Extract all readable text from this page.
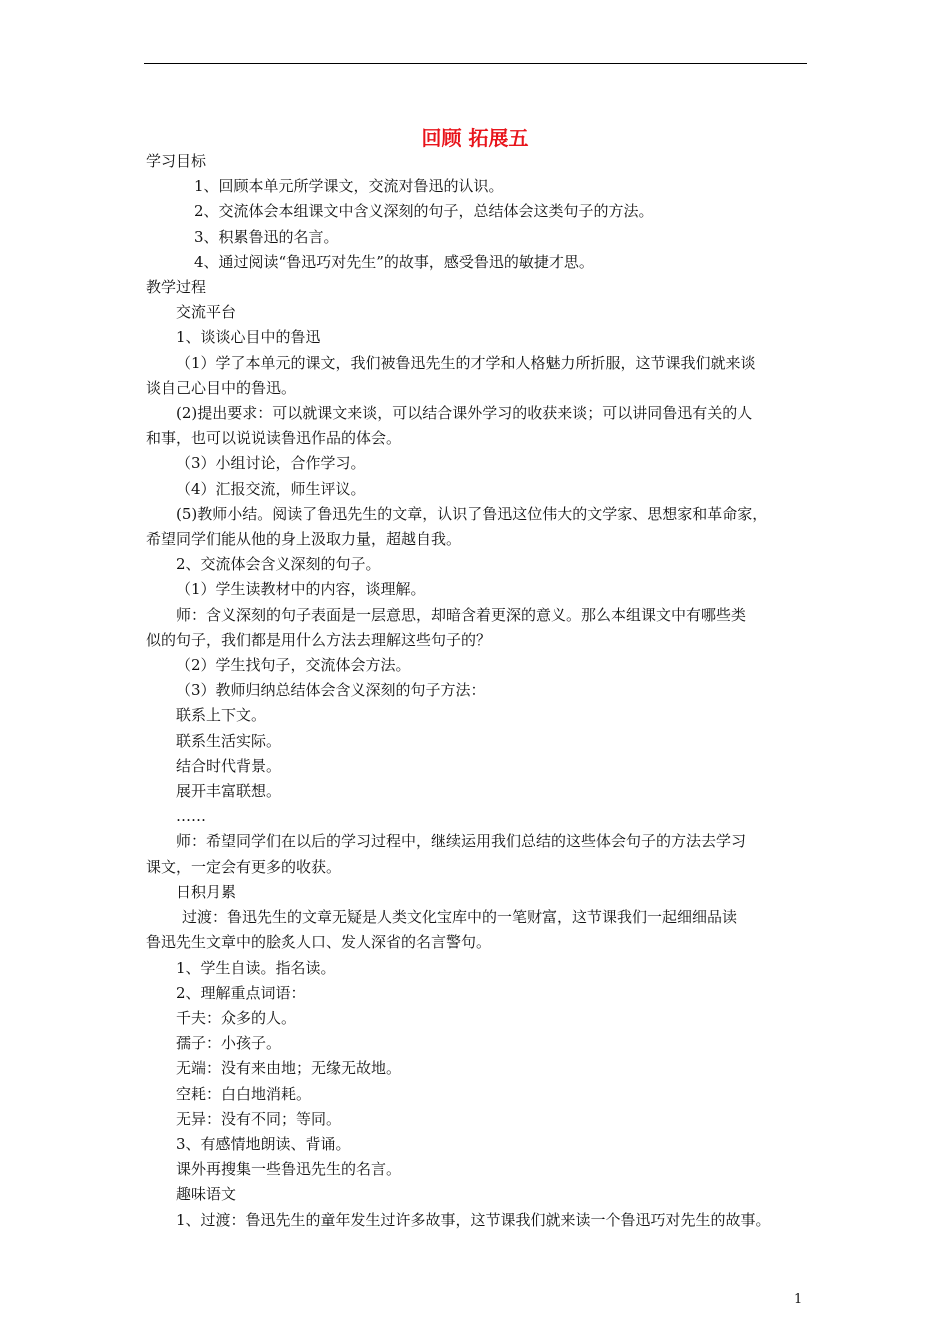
回顾 拓展五
学习目标
1、回顾本单元所学课文，交流对鲁迅的认识。
2、交流体会本组课文中含义深刻的句子，总结体会这类句子的方法。
3、积累鲁迅的名言。
4、通过阅读“鲁迅巧对先生”的故事，感受鲁迅的敏捷才思。
教学过程
交流平台
1、谈谈心目中的鲁迅
（1）学了本单元的课文，我们被鲁迅先生的才学和人格魅力所折服，这节课我们就来谈
谈自己心目中的鲁迅。
(2)提出要求：可以就课文来谈，可以结合课外学习的收获来谈；可以讲同鲁迅有关的人
和事，也可以说说读鲁迅作品的体会。
（3）小组讨论，合作学习。
（4）汇报交流，师生评议。
(5)教师小结。阅读了鲁迅先生的文章，认识了鲁迅这位伟大的文学家、思想家和革命家，
希望同学们能从他的身上汲取力量，超越自我。
2、交流体会含义深刻的句子。
（1）学生读教材中的内容，谈理解。
师：含义深刻的句子表面是一层意思，却暗含着更深的意义。那么本组课文中有哪些类
似的句子，我们都是用什么方法去理解这些句子的？
（2）学生找句子，交流体会方法。
（3）教师归纳总结体会含义深刻的句子方法：
联系上下文。
联系生活实际。
结合时代背景。
展开丰富联想。
……
师：希望同学们在以后的学习过程中，继续运用我们总结的这些体会句子的方法去学习
课文，一定会有更多的收获。
日积月累
过渡：鲁迅先生的文章无疑是人类文化宝库中的一笔财富，这节课我们一起细细品读
鲁迅先生文章中的脍炙人口、发人深省的名言警句。
1、学生自读。指名读。
2、理解重点词语：
千夫：众多的人。
孺子：小孩子。
无端：没有来由地；无缘无故地。
空耗：白白地消耗。
无异：没有不同；等同。
3、有感情地朗读、背诵。
课外再搜集一些鲁迅先生的名言。
趣味语文
1、过渡：鲁迅先生的童年发生过许多故事，这节课我们就来读一个鲁迅巧对先生的故事。
1
